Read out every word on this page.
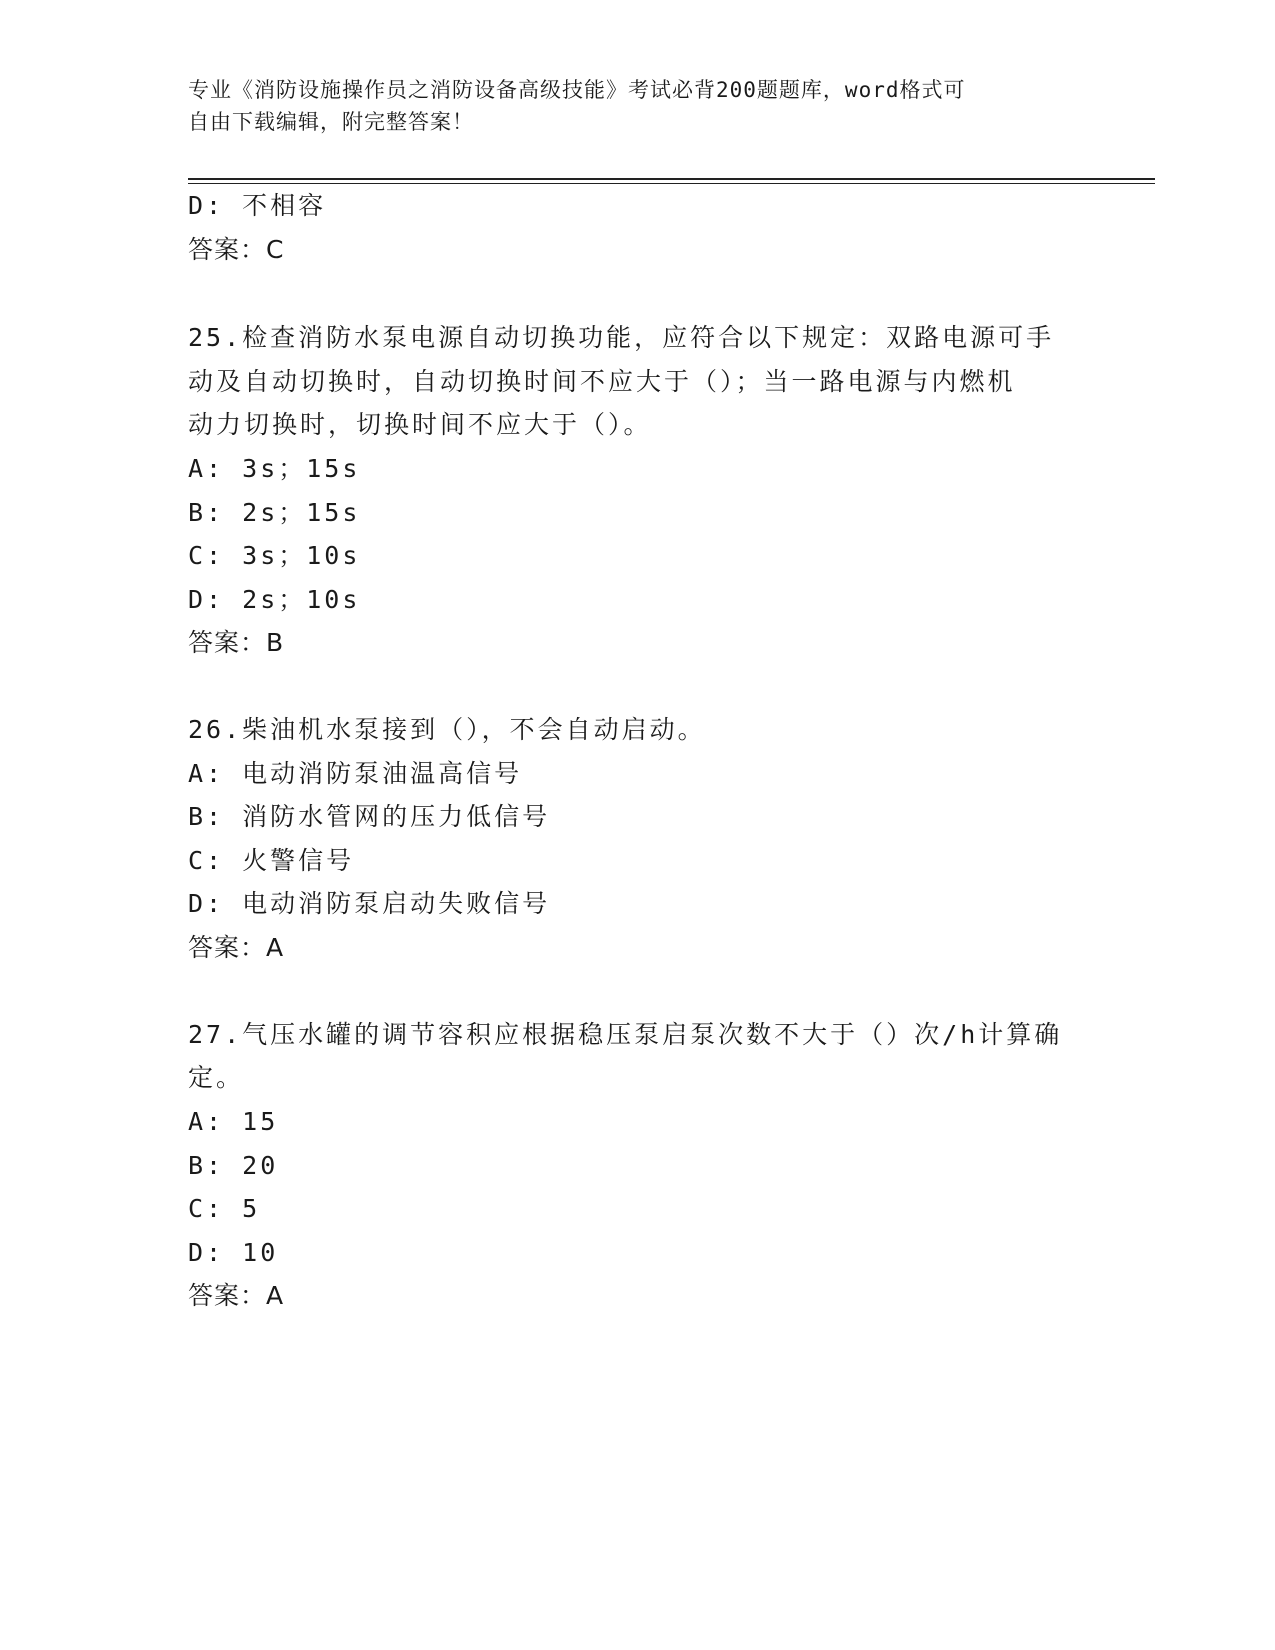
专业《消防设施操作员之消防设备高级技能》考试必背200题题库，word格式可
自由下载编辑，附完整答案！
D: 不相容
答案：C
25.检查消防水泵电源自动切换功能，应符合以下规定：双路电源可手
动及自动切换时，自动切换时间不应大于（）；当一路电源与内燃机
动力切换时，切换时间不应大于（）。
A: 3s；15s
B: 2s；15s
C: 3s；10s
D: 2s；10s
答案：B
26.柴油机水泵接到（），不会自动启动。
A: 电动消防泵油温高信号
B: 消防水管网的压力低信号
C: 火警信号
D: 电动消防泵启动失败信号
答案：A
27.气压水罐的调节容积应根据稳压泵启泵次数不大于（）次/h计算确
定。
A: 15
B: 20
C: 5
D: 10
答案：A
